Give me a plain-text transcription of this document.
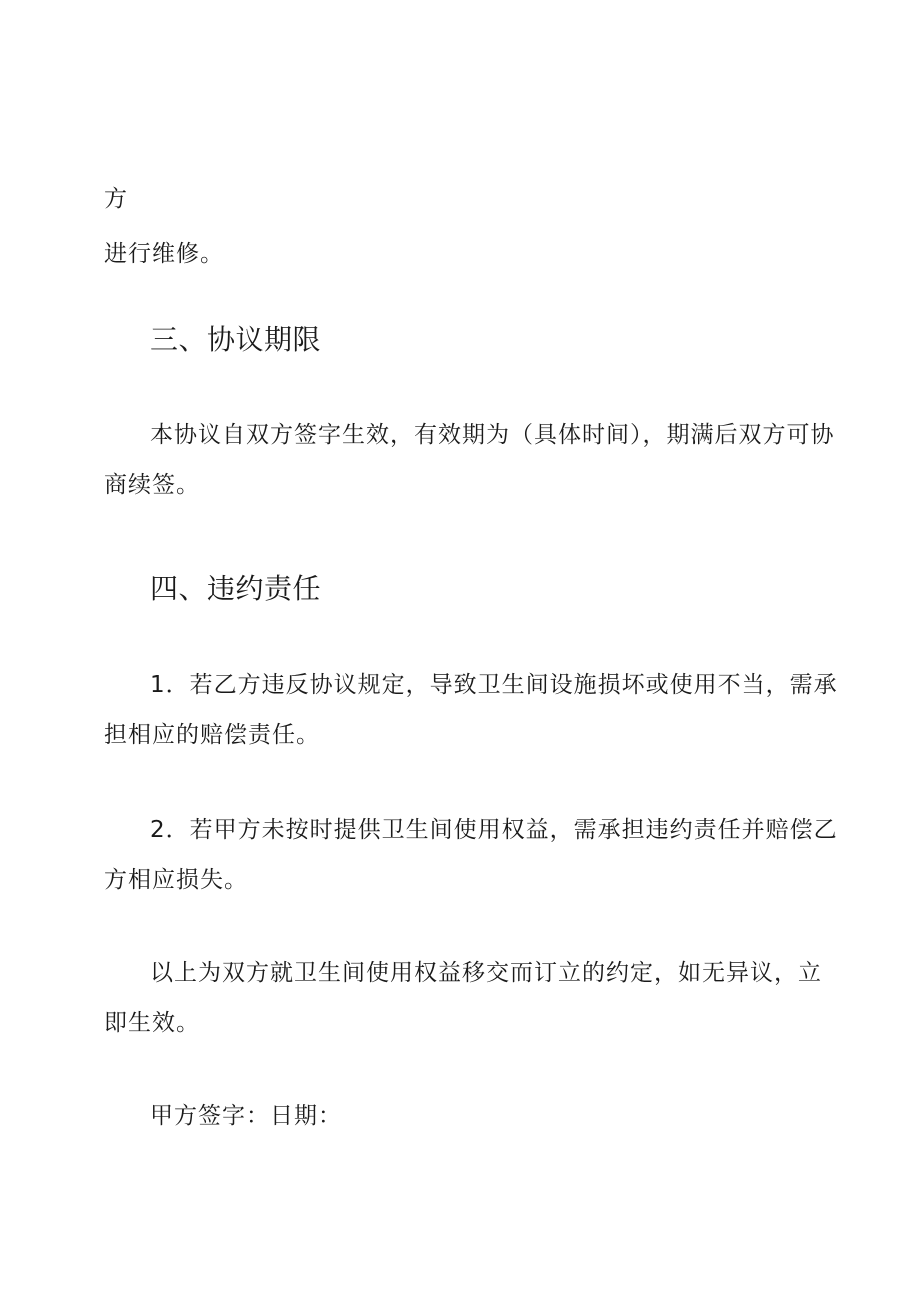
方
进行维修。
三、协议期限
本协议自双方签字生效，有效期为（具体时间），期满后双方可协
商续签。
四、违约责任
1．若乙方违反协议规定，导致卫生间设施损坏或使用不当，需承
担相应的赔偿责任。
2．若甲方未按时提供卫生间使用权益，需承担违约责任并赔偿乙
方相应损失。
以上为双方就卫生间使用权益移交而订立的约定，如无异议，立
即生效。
甲方签字：日期：
